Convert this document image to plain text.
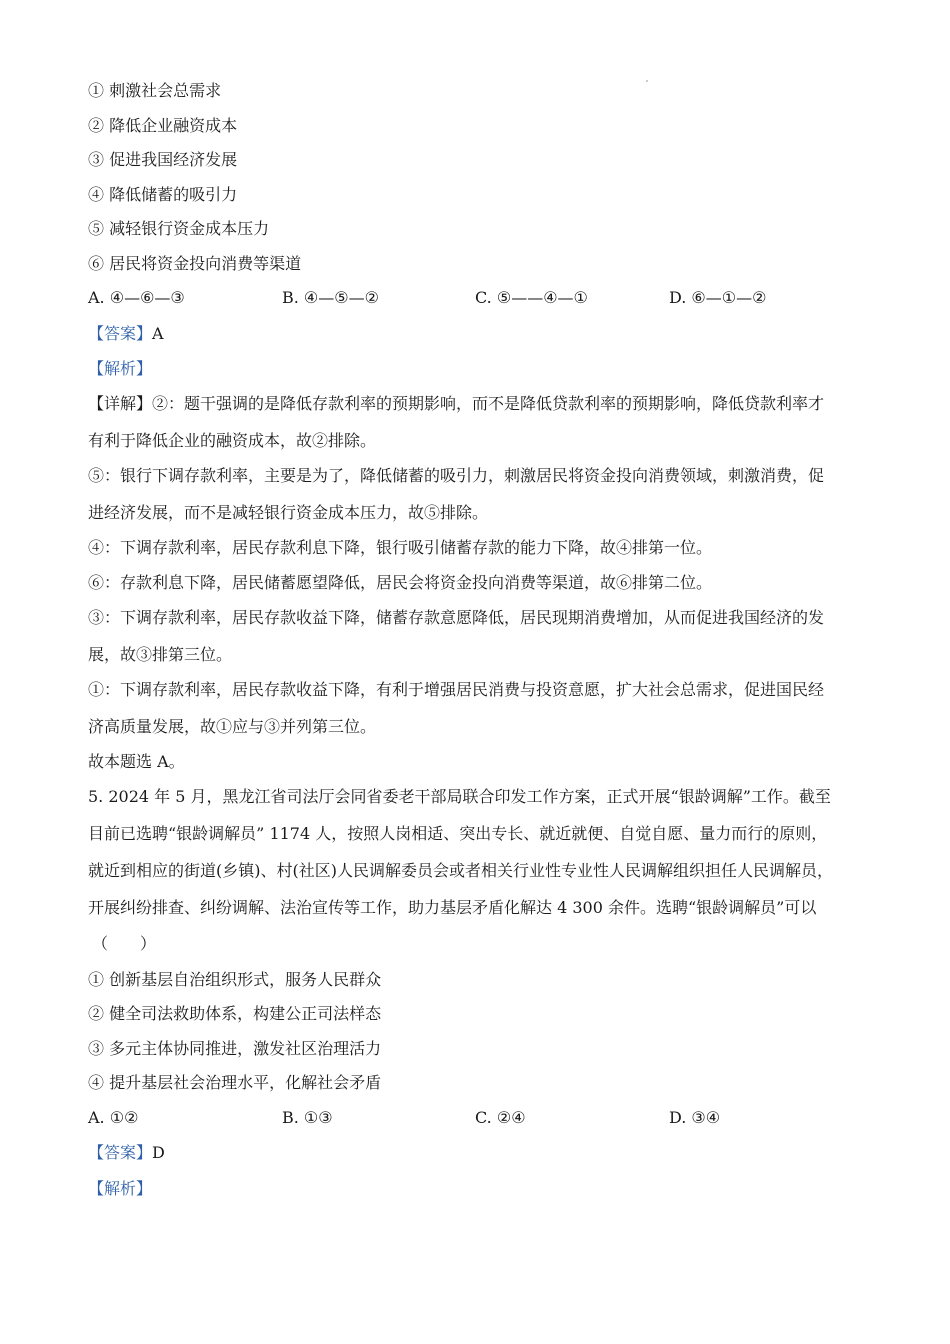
① 刺激社会总需求
② 降低企业融资成本
③ 促进我国经济发展
④ 降低储蓄的吸引力
⑤ 减轻银行资金成本压力
⑥ 居民将资金投向消费等渠道
A. ④—⑥—③	B. ④—⑤—②	C. ⑤——④—①	D. ⑥—①—②
【答案】A
【解析】
【详解】②：题干强调的是降低存款利率的预期影响，而不是降低贷款利率的预期影响，降低贷款利率才
有利于降低企业的融资成本，故②排除。
⑤：银行下调存款利率，主要是为了，降低储蓄的吸引力，刺激居民将资金投向消费领域，刺激消费，促
进经济发展，而不是减轻银行资金成本压力，故⑤排除。
④：下调存款利率，居民存款利息下降，银行吸引储蓄存款的能力下降，故④排第一位。
⑥：存款利息下降，居民储蓄愿望降低，居民会将资金投向消费等渠道，故⑥排第二位。
③：下调存款利率，居民存款收益下降，储蓄存款意愿降低，居民现期消费增加，从而促进我国经济的发
展，故③排第三位。
①：下调存款利率，居民存款收益下降，有利于增强居民消费与投资意愿，扩大社会总需求，促进国民经
济高质量发展，故①应与③并列第三位。
故本题选 A。
5. 2024 年 5 月，黑龙江省司法厅会同省委老干部局联合印发工作方案，正式开展“银龄调解”工作。截至
目前已选聘“银龄调解员” 1174 人，按照人岗相适、突出专长、就近就便、自觉自愿、量力而行的原则，
就近到相应的街道(乡镇)、村(社区)人民调解委员会或者相关行业性专业性人民调解组织担任人民调解员，
开展纠纷排查、纠纷调解、法治宣传等工作，助力基层矛盾化解达 4 300 余件。选聘“银龄调解员”可以
（　　）
① 创新基层自治组织形式，服务人民群众
② 健全司法救助体系，构建公正司法样态
③ 多元主体协同推进，激发社区治理活力
④ 提升基层社会治理水平，化解社会矛盾
A. ①②	B. ①③	C. ②④	D. ③④
【答案】D
【解析】
